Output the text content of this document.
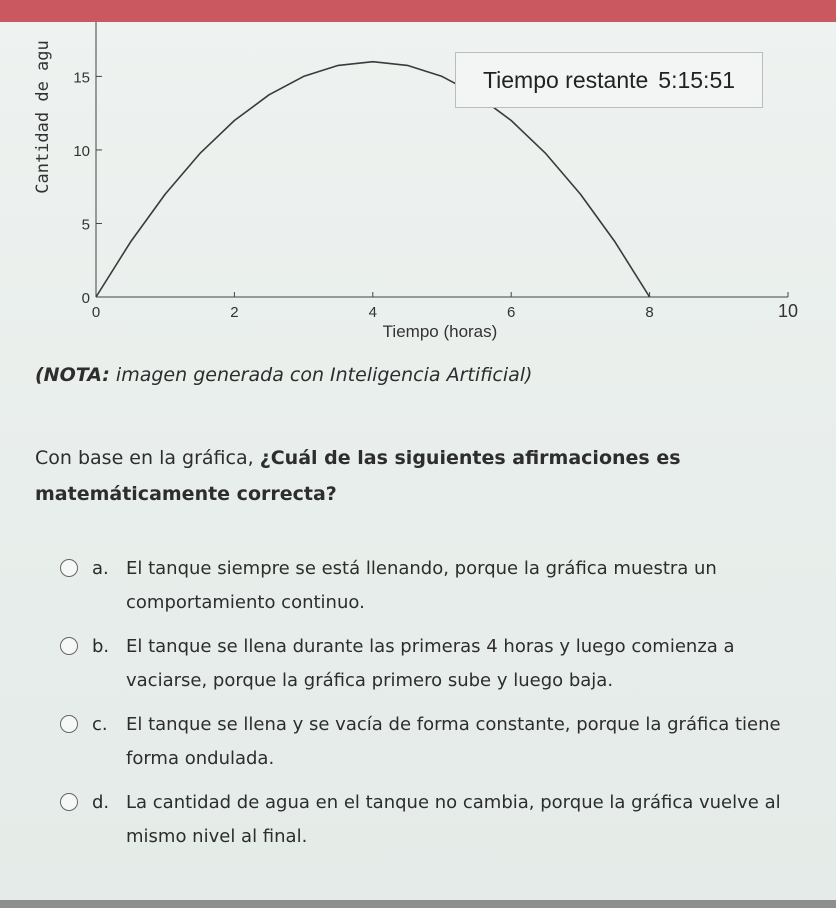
0
5
10
15
0	2	4	6	8	10
Cantidad de agu
Tiempo (horas)
Tiempo restante 5:15:51
(NOTA: imagen generada con Inteligencia Artificial)
Con base en la gráfica, ¿Cuál de las siguientes afirmaciones es matemáticamente correcta?
a. El tanque siempre se está llenando, porque la gráfica muestra un comportamiento continuo.
b. El tanque se llena durante las primeras 4 horas y luego comienza a vaciarse, porque la gráfica primero sube y luego baja.
c.	El tanque se llena y se vacía de forma constante, porque la gráfica tiene forma ondulada.
d. La cantidad de agua en el tanque no cambia, porque la gráfica vuelve al mismo nivel al final.
